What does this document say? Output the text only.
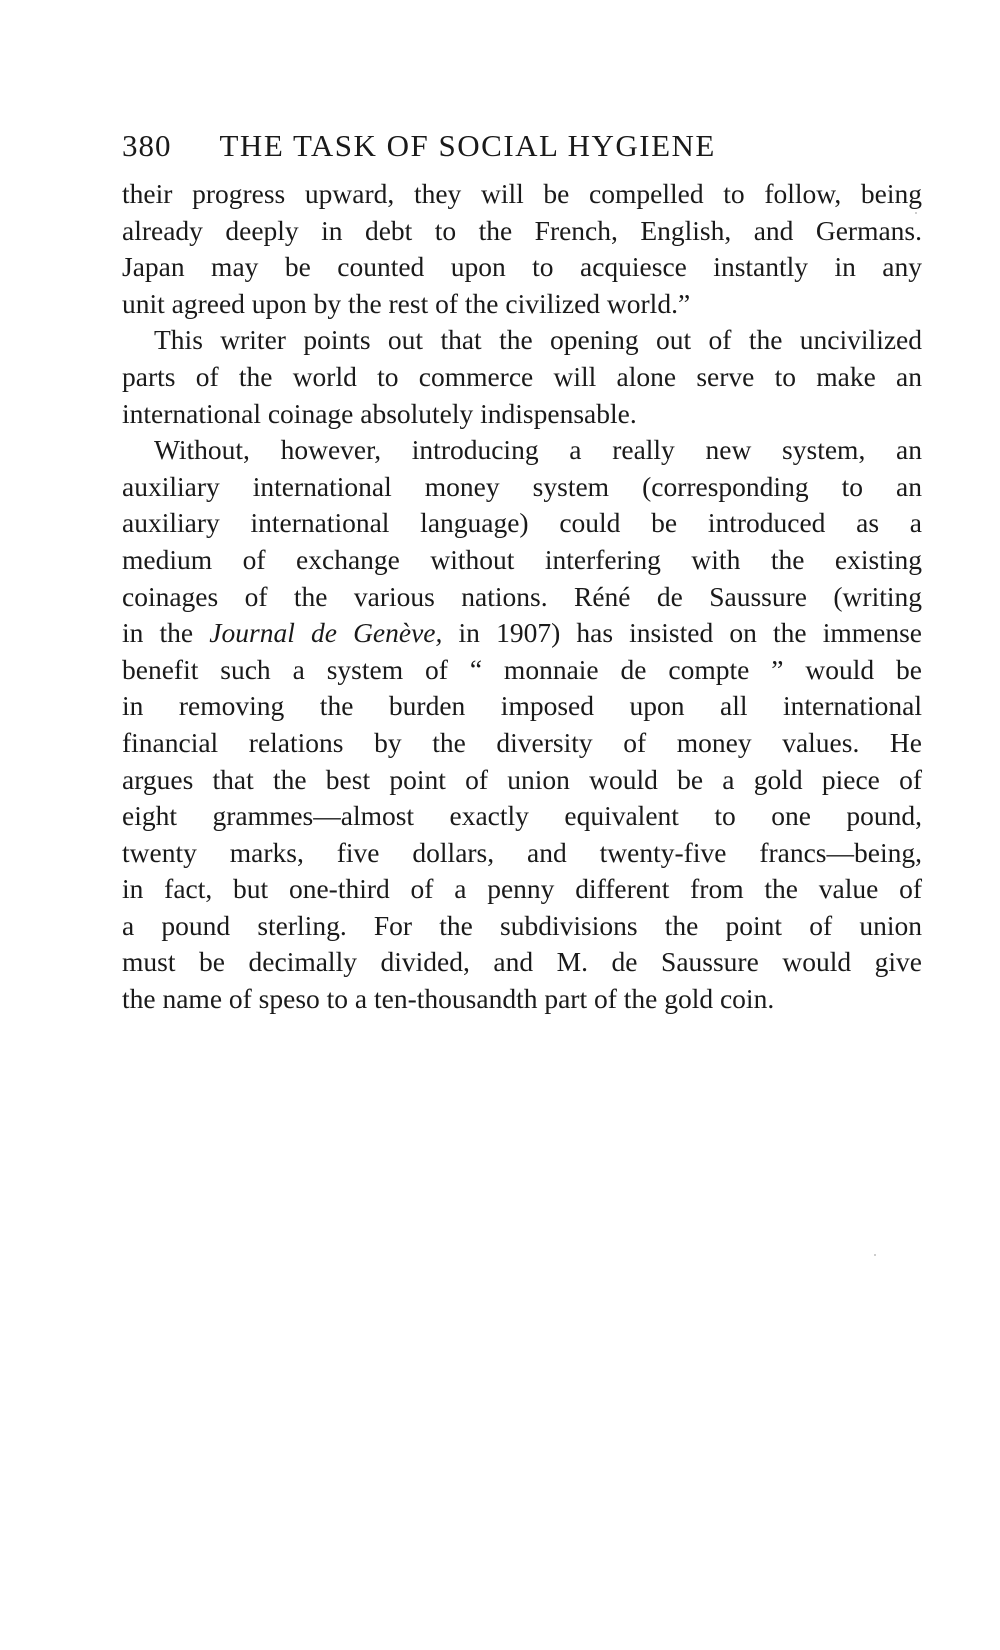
380 THE TASK OF SOCIAL HYGIENE

their progress upward, they will be compelled to follow, being
already deeply in debt to the French, English, and Germans.
Japan may be counted upon to acquiesce instantly in any
unit agreed upon by the rest of the civilized world.”

This writer points out that the opening out of the uncivilized
parts of the world to commerce will alone serve to make an
international coinage absolutely indispensable.

Without, however, introducing a really new system, an
auxiliary international money system (corresponding to an
auxiliary international language) could be introduced as a
medium of exchange without interfering with the existing
coinages of the various nations. Réné de Saussure (writing
in the Journal de Genève, in 1907) has insisted on the immense
benefit such a system of “ monnaie de compte ” would be
in removing the burden imposed upon all international
financial relations by the diversity of money values. He
argues that the best point of union would be a gold piece of
eight grammes—almost exactly equivalent to one pound,
twenty marks, five dollars, and twenty-five francs—being,
in fact, but one-third of a penny different from the value of
a pound sterling. For the subdivisions the point of union
must be decimally divided, and M. de Saussure would give
the name of speso to a ten-thousandth part of the gold coin.
